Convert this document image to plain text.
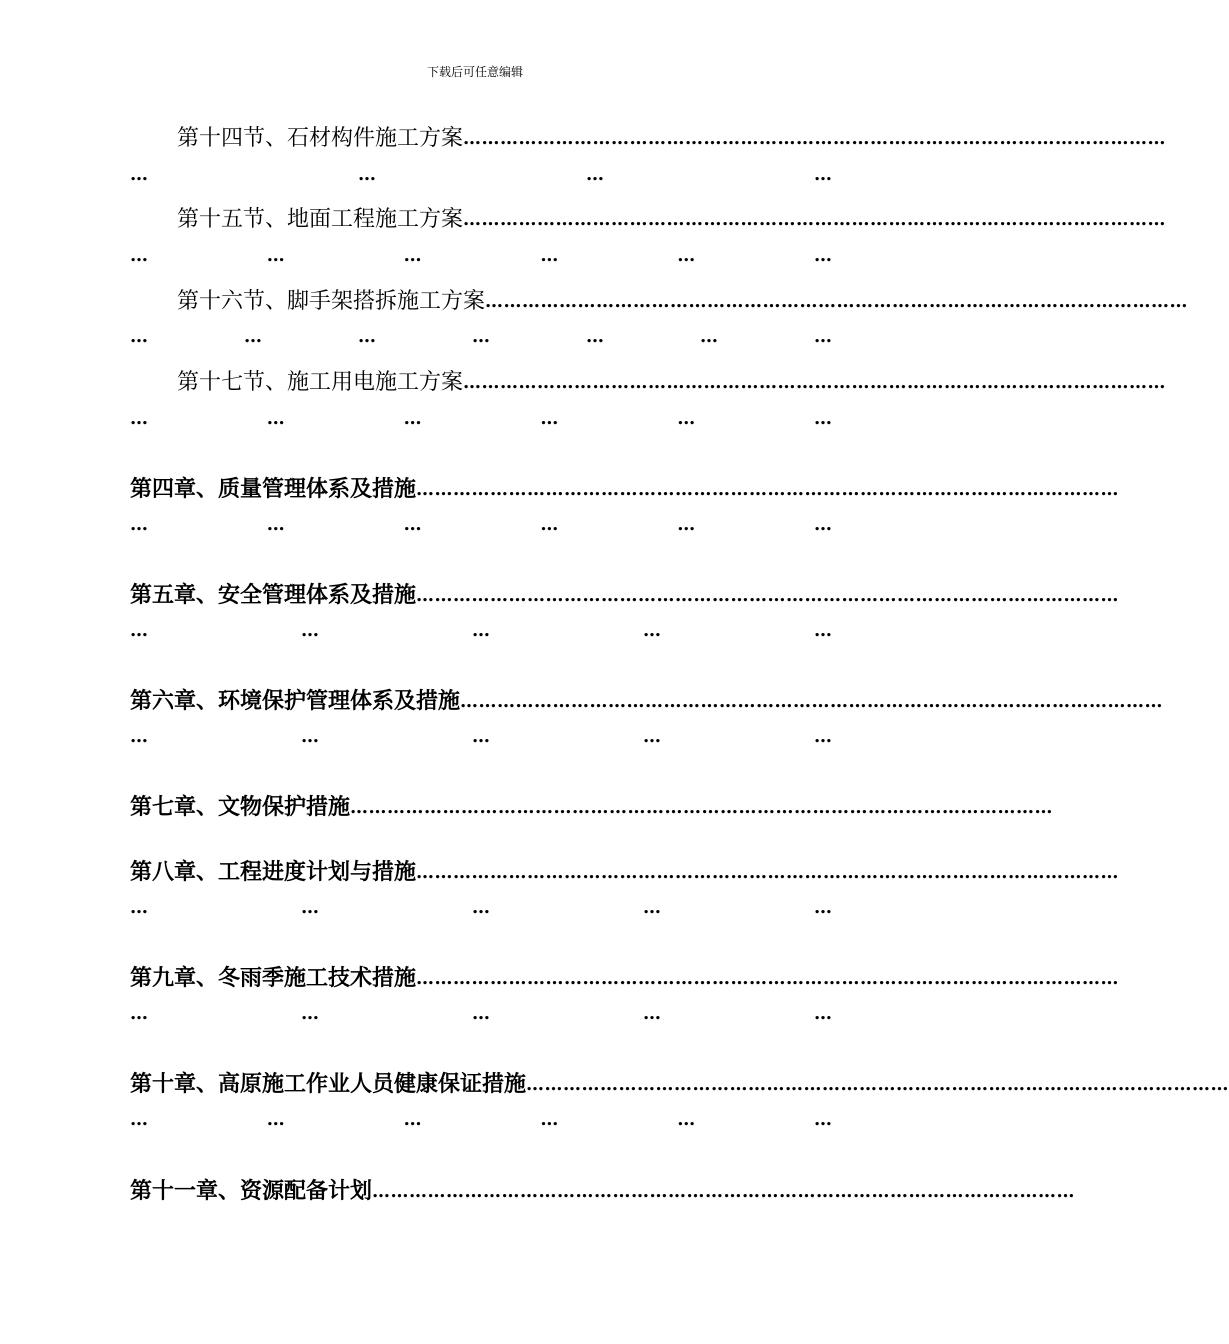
下载后可任意编辑
第十四节、 石材构件施工方案 ……………………………………………………………………………………………………
…	…	…	…
第十五节、 地面工程施工方案 ……………………………………………………………………………………………………
…	…	…	…	…	…
第十六节、 脚手架搭拆施工方案 ……………………………………………………………………………………………………
…	…	…	…	…	…	…
第十七节、 施工用电施工方案 ……………………………………………………………………………………………………
…	…	…	…	…	…
第四章、 质量管理体系及措施 ……………………………………………………………………………………………………
…	…	…	…	…	…
第五章、 安全管理体系及措施 ……………………………………………………………………………………………………
…	…	…	…	…
第六章、 环境保护管理体系及措施 ……………………………………………………………………………………………………
…	…	…	…	…
第七章、 文物保护措施 ……………………………………………………………………………………………………
第八章、 工程进度计划与措施 ……………………………………………………………………………………………………
…	…	…	…	…
第九章、 冬雨季施工技术措施 ……………………………………………………………………………………………………
…	…	…	…	…
第十章、 高原施工作业人员健康保证措施 ……………………………………………………………………………………………………
…	…	…	…	…	…
第十一章、 资源配备计划 ……………………………………………………………………………………………………
